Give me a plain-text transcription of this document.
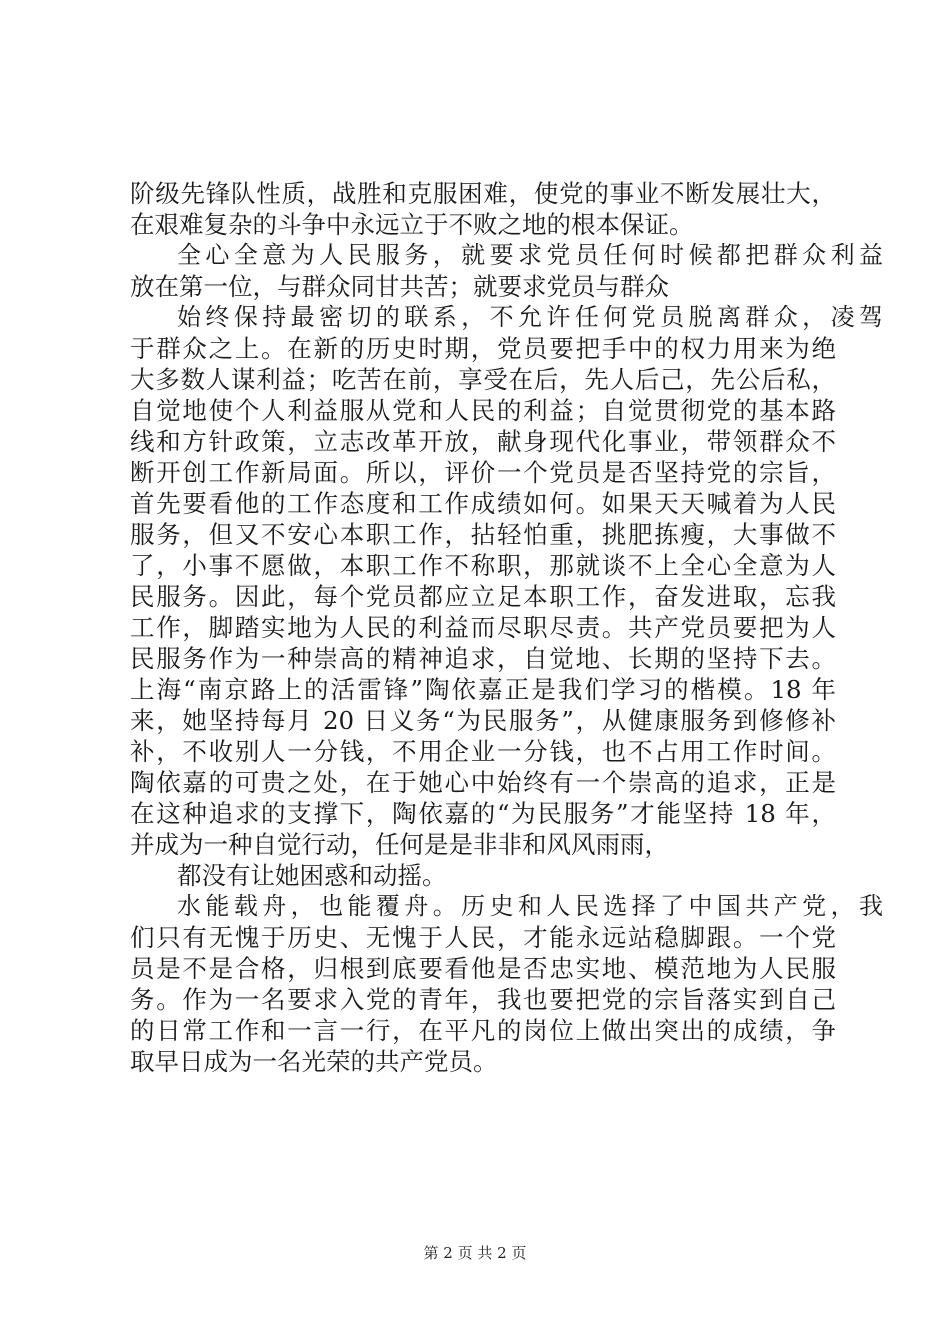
阶级先锋队性质，战胜和克服困难，使党的事业不断发展壮大，
在艰难复杂的斗争中永远立于不败之地的根本保证。
全心全意为人民服务，就要求党员任何时候都把群众利益
放在第一位，与群众同甘共苦；就要求党员与群众
始终保持最密切的联系，不允许任何党员脱离群众，凌驾
于群众之上。在新的历史时期，党员要把手中的权力用来为绝
大多数人谋利益；吃苦在前，享受在后，先人后己，先公后私，
自觉地使个人利益服从党和人民的利益；自觉贯彻党的基本路
线和方针政策，立志改革开放，献身现代化事业，带领群众不
断开创工作新局面。所以，评价一个党员是否坚持党的宗旨，
首先要看他的工作态度和工作成绩如何。如果天天喊着为人民
服务，但又不安心本职工作，拈轻怕重，挑肥拣瘦，大事做不
了，小事不愿做，本职工作不称职，那就谈不上全心全意为人
民服务。因此，每个党员都应立足本职工作，奋发进取，忘我
工作，脚踏实地为人民的利益而尽职尽责。共产党员要把为人
民服务作为一种崇高的精神追求，自觉地、长期的坚持下去。
上海“南京路上的活雷锋”陶依嘉正是我们学习的楷模。18 年
来，她坚持每月 20 日义务“为民服务”，从健康服务到修修补
补，不收别人一分钱，不用企业一分钱，也不占用工作时间。
陶依嘉的可贵之处，在于她心中始终有一个崇高的追求，正是
在这种追求的支撑下，陶依嘉的“为民服务”才能坚持 18 年，
并成为一种自觉行动，任何是是非非和风风雨雨，
都没有让她困惑和动摇。
水能载舟，也能覆舟。历史和人民选择了中国共产党，我
们只有无愧于历史、无愧于人民，才能永远站稳脚跟。一个党
员是不是合格，归根到底要看他是否忠实地、模范地为人民服
务。作为一名要求入党的青年，我也要把党的宗旨落实到自己
的日常工作和一言一行，在平凡的岗位上做出突出的成绩，争
取早日成为一名光荣的共产党员。
第 2 页 共 2 页
